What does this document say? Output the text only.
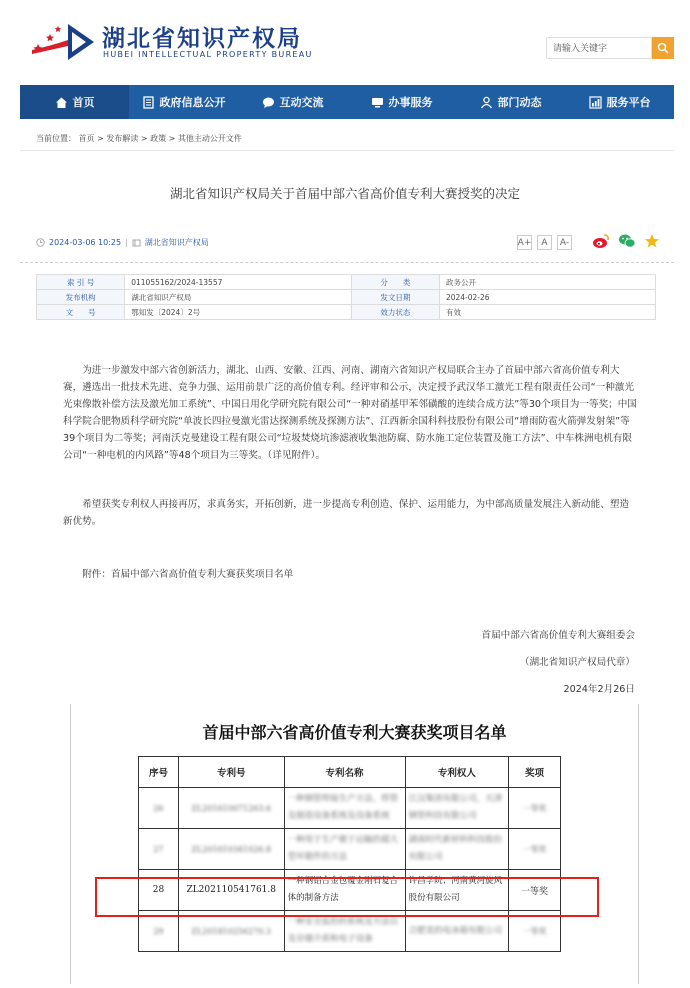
湖北省知识产权局
HUBEI INTELLECTUAL PROPERTY BUREAU
请输入关键字
首页	政府信息公开	互动交流	办事服务	部门动态	服务平台
当前位置： 首页 > 发布解读 > 政策 > 其他主动公开文件
湖北省知识产权局关于首届中部六省高价值专利大赛授奖的决定
2024-03-06 10:25 | 湖北省知识产权局	A+	A	A-
索 引 号	011055162/2024-13557	分　　类	政务公开
发布机构	湖北省知识产权局	发文日期	2024-02-26
文　　号	鄂知发〔2024〕2号	效力状态	有效

为进一步激发中部六省创新活力，湖北、山西、安徽、江西、河南、湖南六省知识产权局联合主办了首届中部六省高价值专利大赛，遴选出一批技术先进、竞争力强、运用前景广泛的高价值专利。经评审和公示，决定授予武汉华工激光工程有限责任公司“一种激光光束像散补偿方法及激光加工系统”、中国日用化学研究院有限公司“一种对硝基甲苯邻磺酸的连续合成方法”等30个项目为一等奖；中国科学院合肥物质科学研究院“单波长四拉曼激光雷达探测系统及探测方法”、江西新余国科科技股份有限公司“增雨防雹火箭弹发射架”等39个项目为二等奖；河南沃克曼建设工程有限公司“垃圾焚烧坑渗滤液收集池防腐、防水施工定位装置及施工方法”、中车株洲电机有限公司“一种电机的内风路”等48个项目为三等奖。（详见附件）。

希望获奖专利权人再接再厉，求真务实，开拓创新，进一步提高专利创造、保护、运用能力，为中部高质量发展注入新动能、塑造新优势。

附件：首届中部六省高价值专利大赛获奖项目名单

首届中部六省高价值专利大赛组委会
（湖北省知识产权局代章）
2024年2月26日
首届中部六省高价值专利大赛获奖项目名单
序号	专利号	专利名称	专利权人	奖项
26	ZL201610071263.6	一种钢管焊接生产方法、焊管及制造设备系统及设备系统	江汉集团有限公司，天津钢管科技有限公司	一等奖
27	ZL201610341026.8	一种用于生产便于运输的超大型环锻件的方法	湖南时代新材料科技股份有限公司	一等奖
28	ZL202110541761.8	一种钢铝合金包覆金刚石复合体的制备方法	许昌学院；河南黄河旋风股份有限公司	一等奖
29	ZL201810256270.3	一种安全监控的系统及方法以及存储介质和电子设备	合肥美的电冰箱有限公司	一等奖
